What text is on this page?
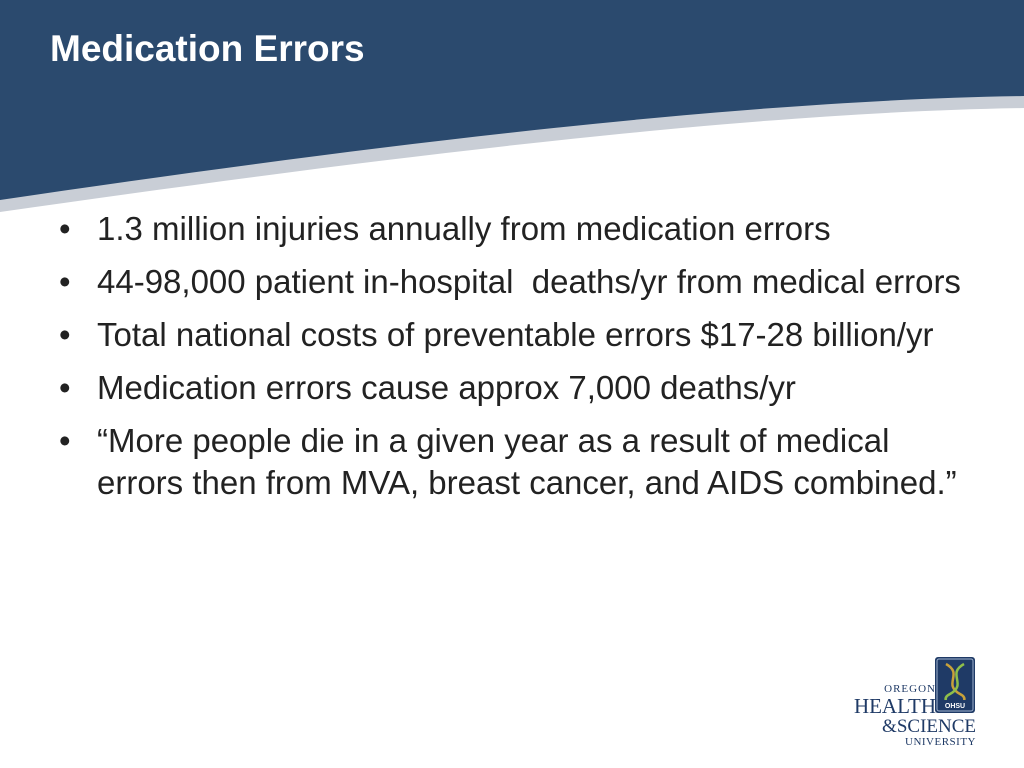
Medication Errors
• 1.3 million injuries annually from medication errors
• 44-98,000 patient in-hospital  deaths/yr from medical errors
• Total national costs of preventable errors $17-28 billion/yr
• Medication errors cause approx 7,000 deaths/yr
• “More people die in a given year as a result of medical errors then from MVA, breast cancer, and AIDS combined.”
OHSU
OREGON
HEALTH
&SCIENCE
UNIVERSITY
